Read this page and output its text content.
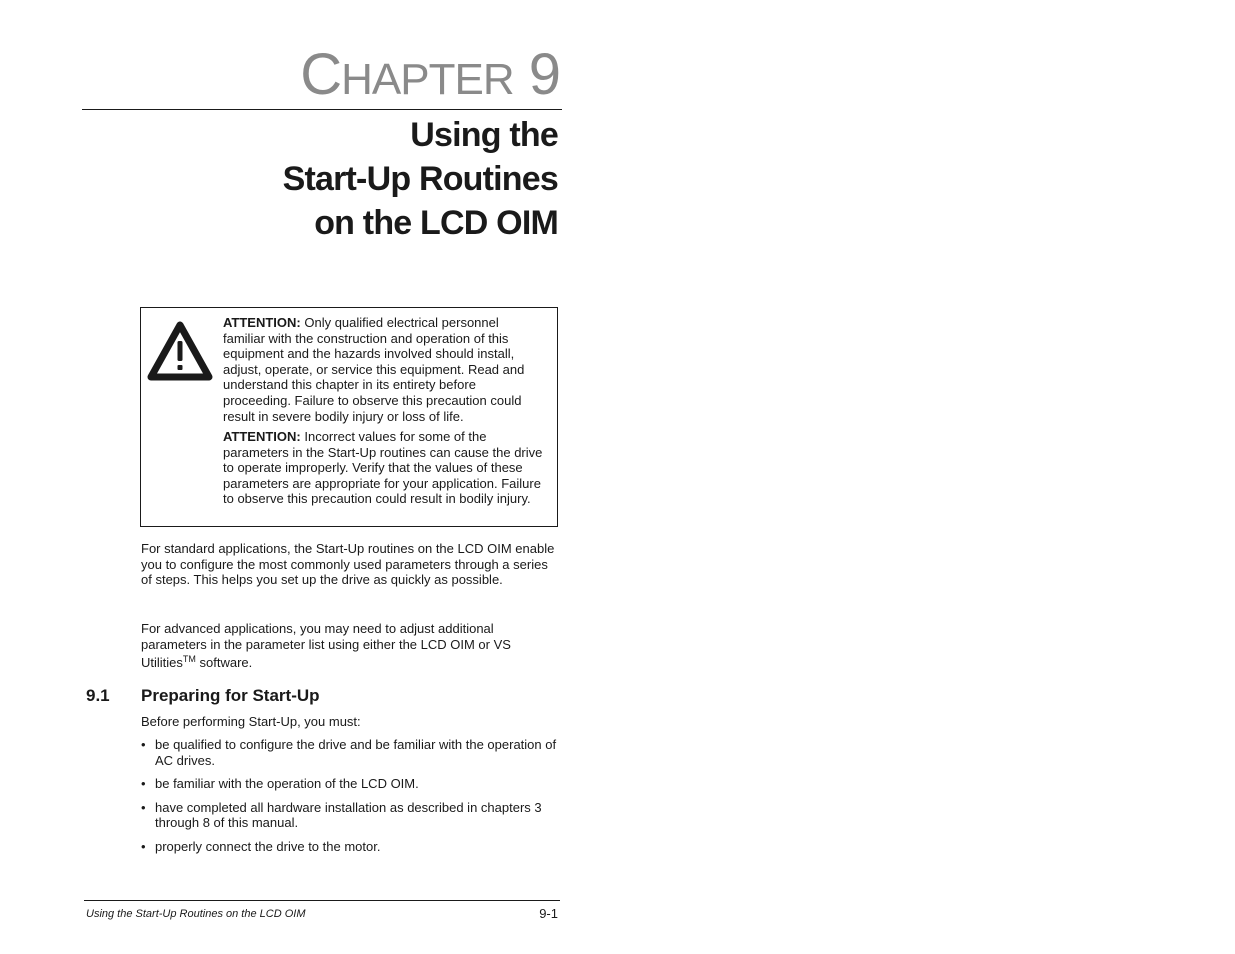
CHAPTER 9
Using the
Start-Up Routines
on the LCD OIM
ATTENTION: Only qualified electrical personnel familiar with the construction and operation of this equipment and the hazards involved should install, adjust, operate, or service this equipment. Read and understand this chapter in its entirety before proceeding. Failure to observe this precaution could result in severe bodily injury or loss of life.
ATTENTION: Incorrect values for some of the parameters in the Start-Up routines can cause the drive to operate improperly. Verify that the values of these parameters are appropriate for your application. Failure to observe this precaution could result in bodily injury.
For standard applications, the Start-Up routines on the LCD OIM enable you to configure the most commonly used parameters through a series of steps. This helps you set up the drive as quickly as possible.
For advanced applications, you may need to adjust additional parameters in the parameter list using either the LCD OIM or VS Utilities™ software.
9.1 Preparing for Start-Up
Before performing Start-Up, you must:
• be qualified to configure the drive and be familiar with the operation of AC drives.
• be familiar with the operation of the LCD OIM.
• have completed all hardware installation as described in chapters 3 through 8 of this manual.
• properly connect the drive to the motor.
Using the Start-Up Routines on the LCD OIM	9-1
